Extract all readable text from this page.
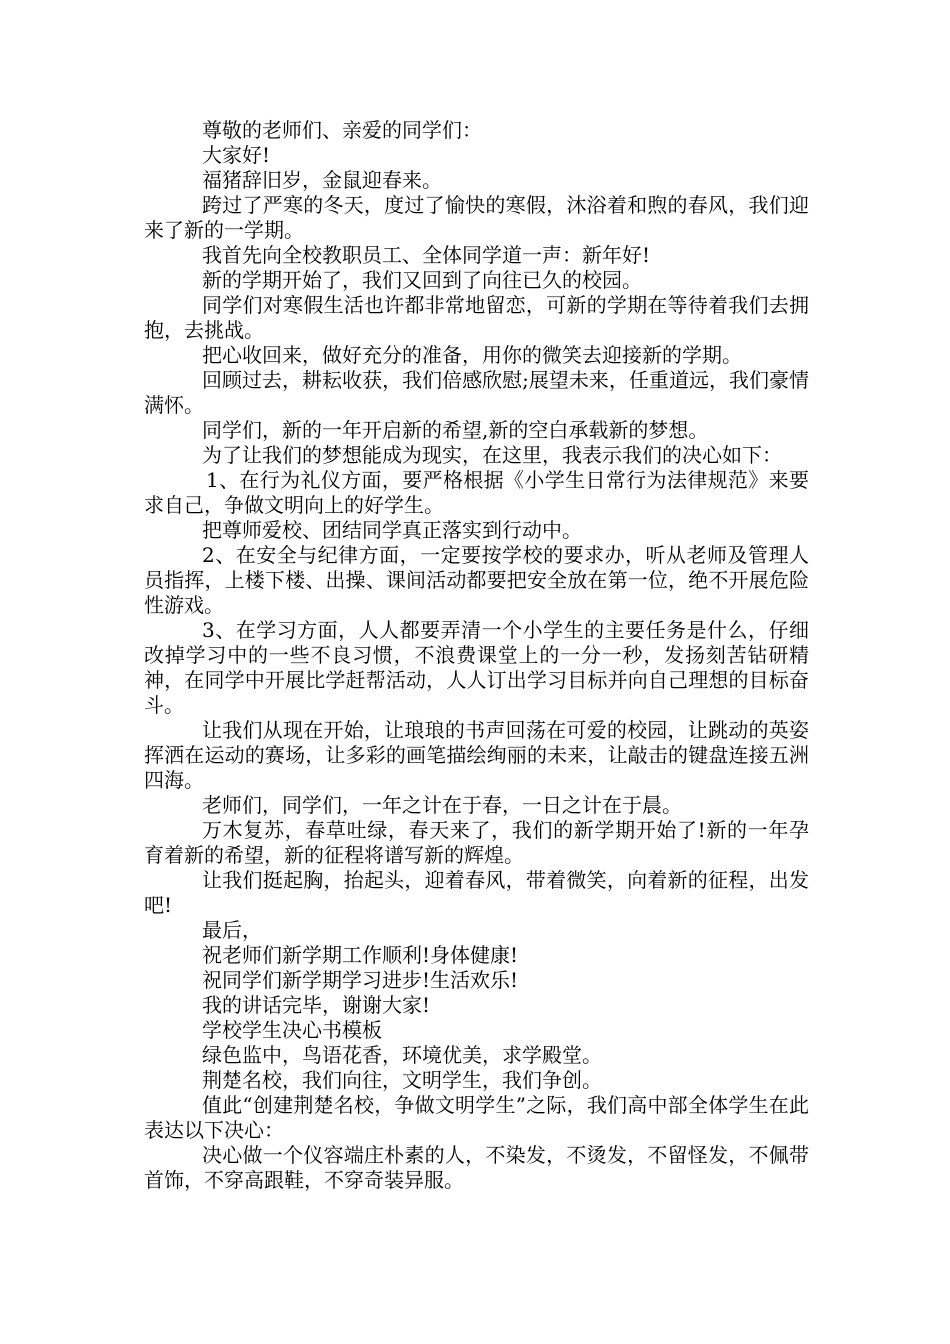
尊敬的老师们、亲爱的同学们：

大家好!

福猪辞旧岁，金鼠迎春来。

跨过了严寒的冬天，度过了愉快的寒假，沐浴着和煦的春风，我们迎来了新的一学期。

我首先向全校教职员工、全体同学道一声：新年好!

新的学期开始了，我们又回到了向往已久的校园。

同学们对寒假生活也许都非常地留恋，可新的学期在等待着我们去拥抱，去挑战。

把心收回来，做好充分的准备，用你的微笑去迎接新的学期。

回顾过去，耕耘收获，我们倍感欣慰;展望未来，任重道远，我们豪情满怀。

同学们，新的一年开启新的希望,新的空白承载新的梦想。

为了让我们的梦想能成为现实，在这里，我表示我们的决心如下：

1、在行为礼仪方面，要严格根据《小学生日常行为法律规范》来要求自己，争做文明向上的好学生。

把尊师爱校、团结同学真正落实到行动中。

2、在安全与纪律方面，一定要按学校的要求办，听从老师及管理人员指挥，上楼下楼、出操、课间活动都要把安全放在第一位，绝不开展危险性游戏。

3、在学习方面，人人都要弄清一个小学生的主要任务是什么，仔细改掉学习中的一些不良习惯，不浪费课堂上的一分一秒，发扬刻苦钻研精神，在同学中开展比学赶帮活动，人人订出学习目标并向自己理想的目标奋斗。

让我们从现在开始，让琅琅的书声回荡在可爱的校园，让跳动的英姿挥洒在运动的赛场，让多彩的画笔描绘绚丽的未来，让敲击的键盘连接五洲四海。

老师们，同学们，一年之计在于春，一日之计在于晨。

万木复苏，春草吐绿，春天来了，我们的新学期开始了!新的一年孕育着新的希望，新的征程将谱写新的辉煌。

让我们挺起胸，抬起头，迎着春风，带着微笑，向着新的征程，出发吧!

最后，

祝老师们新学期工作顺利!身体健康!

祝同学们新学期学习进步!生活欢乐!

我的讲话完毕，谢谢大家!

学校学生决心书模板

绿色监中，鸟语花香，环境优美，求学殿堂。

荆楚名校，我们向往，文明学生，我们争创。

值此“创建荆楚名校，争做文明学生”之际，我们高中部全体学生在此表达以下决心：

决心做一个仪容端庄朴素的人，不染发，不烫发，不留怪发，不佩带首饰，不穿高跟鞋，不穿奇装异服。
